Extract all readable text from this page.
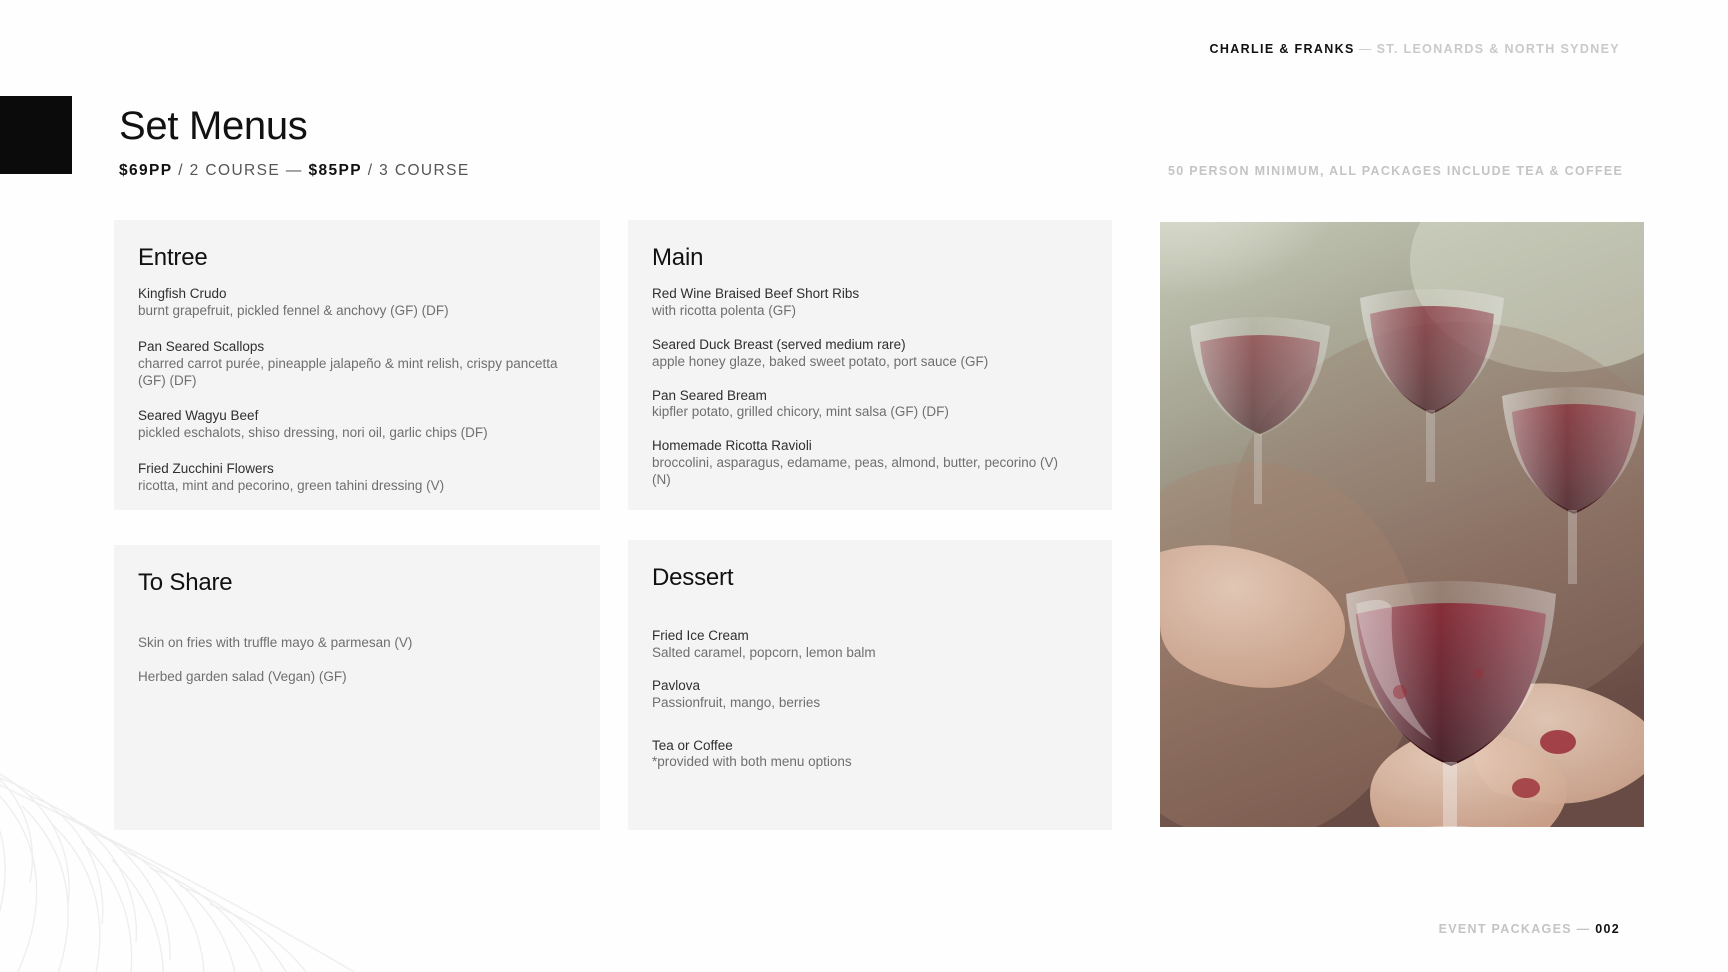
CHARLIE & FRANKS — ST. LEONARDS & NORTH SYDNEY
Set Menus
$69PP / 2 COURSE — $85PP / 3 COURSE	50 PERSON MINIMUM, ALL PACKAGES INCLUDE TEA & COFFEE
Entree
Kingfish Crudo
burnt grapefruit, pickled fennel & anchovy (GF) (DF)
Pan Seared Scallops
charred carrot purée, pineapple jalapeño & mint relish, crispy pancetta (GF) (DF)
Seared Wagyu Beef
pickled eschalots, shiso dressing, nori oil, garlic chips (DF)
Fried Zucchini Flowers
ricotta, mint and pecorino, green tahini dressing (V)
Main
Red Wine Braised Beef Short Ribs
with ricotta polenta (GF)
Seared Duck Breast (served medium rare)
apple honey glaze, baked sweet potato, port sauce (GF)
Pan Seared Bream
kipfler potato, grilled chicory, mint salsa (GF) (DF)
Homemade Ricotta Ravioli
broccolini, asparagus, edamame, peas, almond, butter, pecorino (V) (N)
To Share
Skin on fries with truffle mayo & parmesan (V)
Herbed garden salad (Vegan) (GF)
Dessert
Fried Ice Cream
Salted caramel, popcorn, lemon balm
Pavlova
Passionfruit, mango, berries
Tea or Coffee
*provided with both menu options
EVENT PACKAGES — 002
